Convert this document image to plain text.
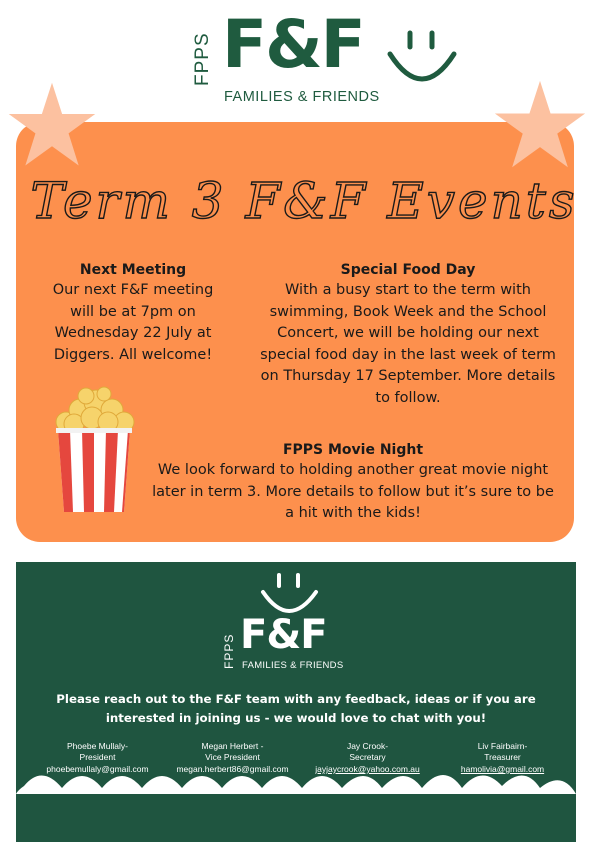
FPPS F&F
FAMILIES & FRIENDS
Term 3 F&F Events
Next Meeting

Our next F&F meeting will be at 7pm on Wednesday 22 July at Diggers. All welcome!

Special Food Day

With a busy start to the term with swimming, Book Week and the School Concert, we will be holding our next special food day in the last week of term on Thursday 17 September. More details to follow.

FPPS Movie Night

We look forward to holding another great movie night later in term 3. More details to follow but it’s sure to be a hit with the kids!

FPPS F&F
FAMILIES & FRIENDS
Please reach out to the F&F team with any feedback, ideas or if you are interested in joining us - we would love to chat with you!
Phoebe Mullaly-
President
phoebemullaly@gmail.com
Megan Herbert -
Vice President
megan.herbert86@gmail.com
Jay Crook-
Secretary
jayjaycrook@yahoo.com.au
Liv Fairbairn-
Treasurer
hamolivia@gmail.com
